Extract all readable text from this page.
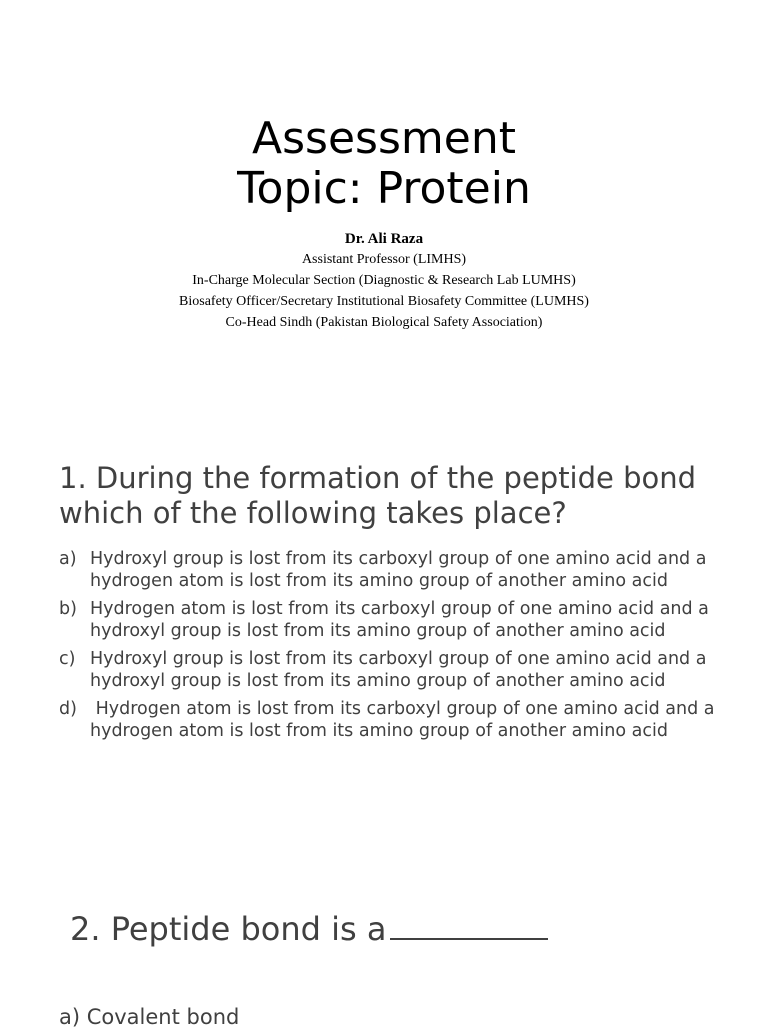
Assessment
Topic: Protein
Dr. Ali Raza
Assistant Professor (LIMHS)
In-Charge Molecular Section (Diagnostic & Research Lab LUMHS)
Biosafety Officer/Secretary Institutional Biosafety Committee (LUMHS)
Co-Head Sindh (Pakistan Biological Safety Association)
1. During the formation of the peptide bond which of the following takes place?
a) Hydroxyl group is lost from its carboxyl group of one amino acid and a hydrogen atom is lost from its amino group of another amino acid
b) Hydrogen atom is lost from its carboxyl group of one amino acid and a hydroxyl group is lost from its amino group of another amino acid
c) Hydroxyl group is lost from its carboxyl group of one amino acid and a hydroxyl group is lost from its amino group of another amino acid
d) Hydrogen atom is lost from its carboxyl group of one amino acid and a hydrogen atom is lost from its amino group of another amino acid
2. Peptide bond is a
a) Covalent bond
